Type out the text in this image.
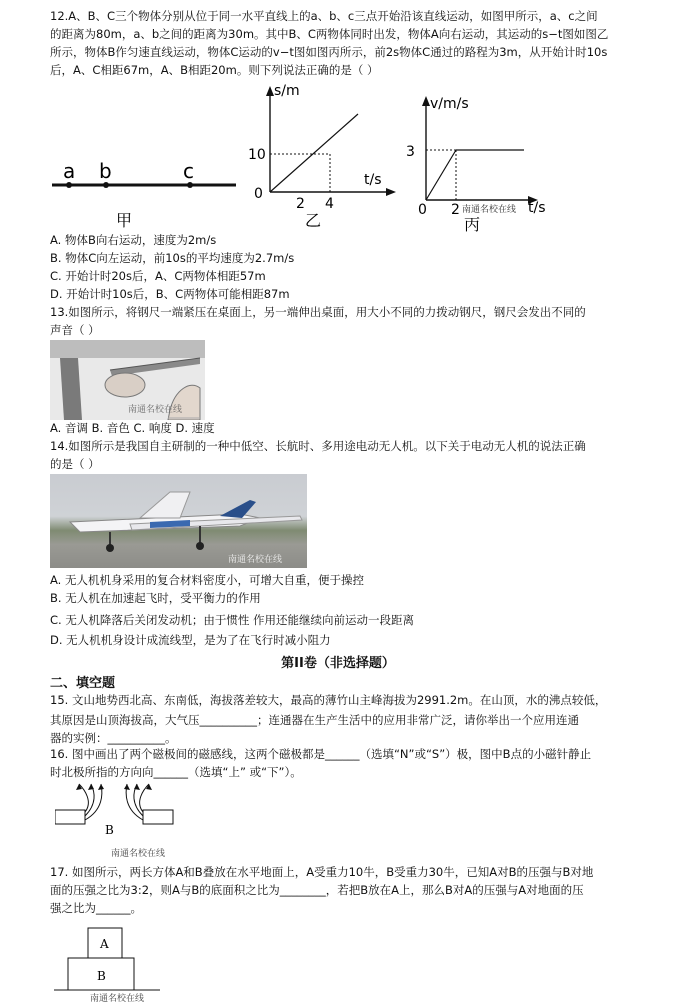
12.A、B、C三个物体分别从位于同一水平直线上的a、b、c三点开始沿该直线运动，如图甲所示，a、c之间
的距离为80m，a、b之间的距离为30m。其中B、C两物体同时出发，物体A向右运动，其运动的s−t图如图乙
所示，物体B作匀速直线运动，物体C运动的v−t图如图丙所示，前2s物体C通过的路程为3m，从开始计时10s
后，A、C相距67m，A、B相距20m。则下列说法正确的是（ ）
a b	c
甲
s/m
t/s
10
0
2 4
乙
v/m/s
t/s
3
0 2 南通名校在线
丙
A. 物体B向右运动，速度为2m/s
B. 物体C向左运动，前10s的平均速度为2.7m/s
C. 开始计时20s后，A、C两物体相距57m
D. 开始计时10s后，B、C两物体可能相距87m
13.如图所示，将钢尺一端紧压在桌面上，另一端伸出桌面，用大小不同的力拨动钢尺，钢尺会发出不同的
声音（ ）
南通名校在线
A. 音调 B. 音色 C. 响度 D. 速度
14.如图所示是我国自主研制的一种中低空、长航时、多用途电动无人机。以下关于电动无人机的说法正确
的是（ ）
南通名校在线
A. 无人机机身采用的复合材料密度小，可增大自重，便于操控
B. 无人机在加速起飞时，受平衡力的作用
C. 无人机降落后关闭发动机；由于惯性 作用还能继续向前运动一段距离
D. 无人机机身设计成流线型，是为了在飞行时减小阻力
第II卷（非选择题）
二、填空题
15. 文山地势西北高、东南低，海拔落差较大，最高的薄竹山主峰海拔为2991.2m。在山顶，水的沸点较低，
其原因是山顶海拔高，大气压__________；连通器在生产生活中的应用非常广泛，请你举出一个应用连通
器的实例：__________。
16. 图中画出了两个磁极间的磁感线，这两个磁极都是______（选填“N”或“S”）极，图中B点的小磁针静止
时北极所指的方向向______（选填“上” 或“下”）。
B
南通名校在线
17. 如图所示，两长方体A和B叠放在水平地面上，A受重力10牛，B受重力30牛，已知A对B的压强与B对地
面的压强之比为3:2，则A与B的底面积之比为________，若把B放在A上，那么B对A的压强与A对地面的压
强之比为______。
A
B
南通名校在线
